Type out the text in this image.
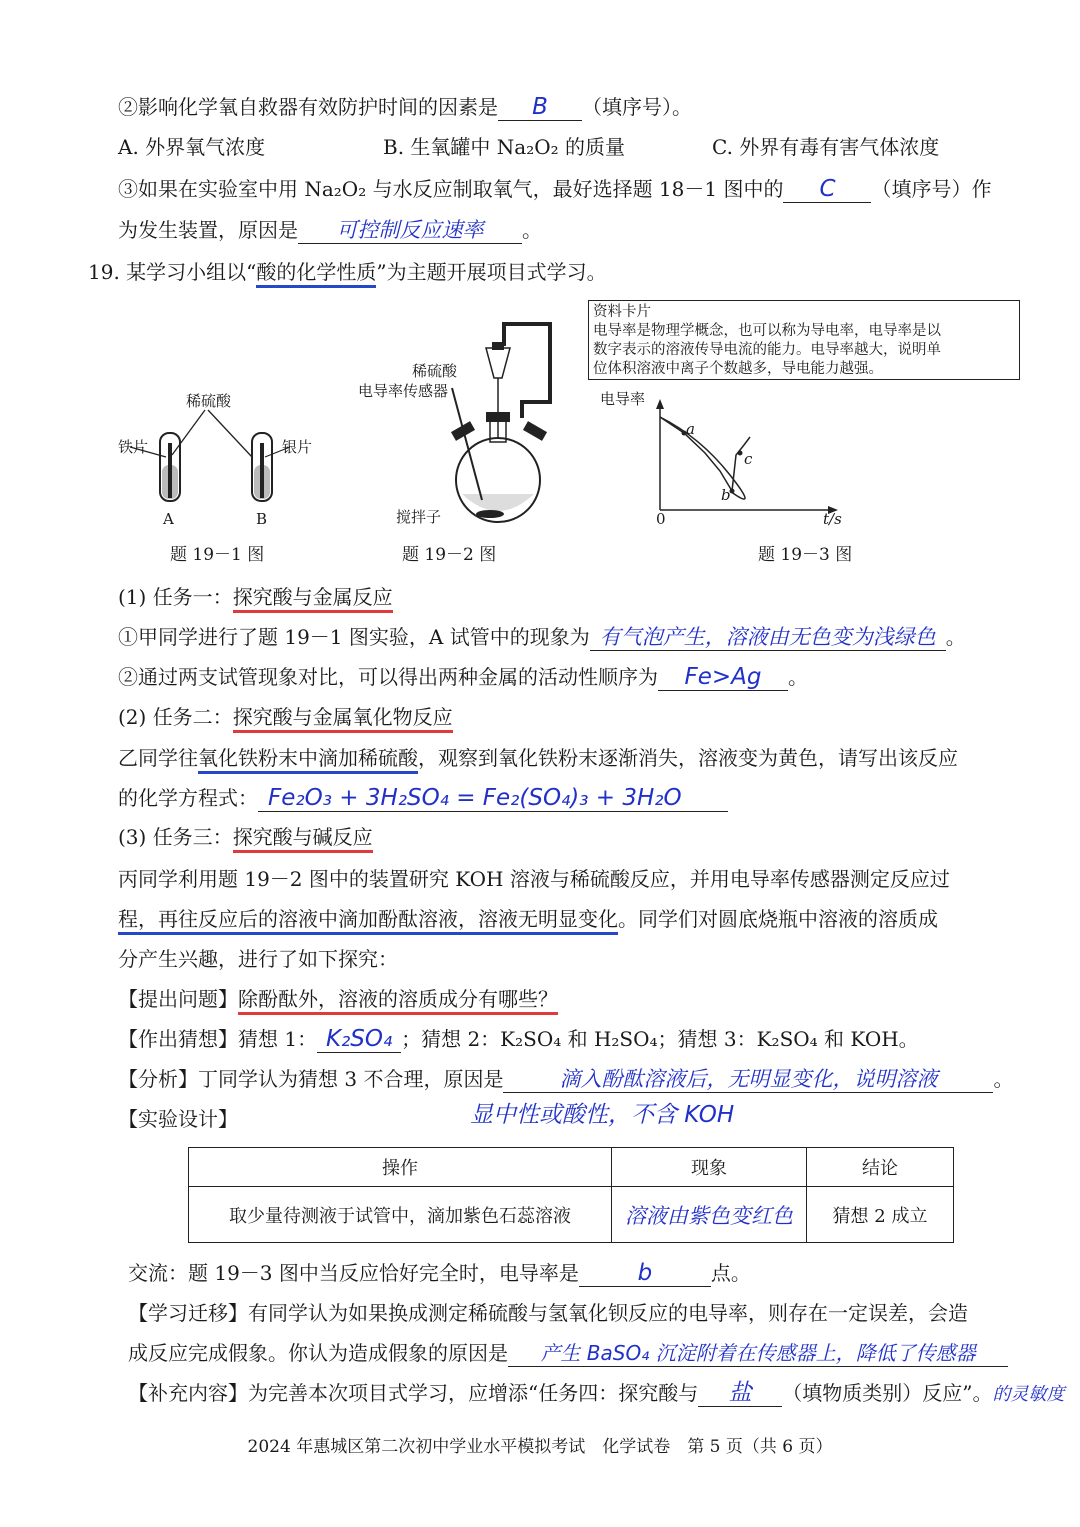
②影响化学氧自救器有效防护时间的因素是 B （填序号）。
A. 外界氧气浓度	B. 生氧罐中 Na₂O₂ 的质量	C. 外界有毒有害气体浓度
③如果在实验室中用 Na₂O₂ 与水反应制取氧气，最好选择题 18－1 图中的 C （填序号）作
为发生装置，原因是 可控制反应速率 。
19. 某学习小组以“酸的化学性质”为主题开展项目式学习。
稀硫酸
铁片	银片
A	B
题 19－1 图
稀硫酸
电导率传感器
搅拌子
题 19－2 图
资料卡片
电导率是物理学概念，也可以称为导电率，电导率是以
数字表示的溶液传导电流的能力。电导率越大，说明单
位体积溶液中离子个数越多，导电能力越强。
电导率
t/s
0
a
b
c
题 19－3 图
(1) 任务一：探究酸与金属反应
①甲同学进行了题 19－1 图实验，A 试管中的现象为 有气泡产生，溶液由无色变为浅绿色 。
②通过两支试管现象对比，可以得出两种金属的活动性顺序为 Fe>Ag 。
(2) 任务二：探究酸与金属氧化物反应
乙同学往氧化铁粉末中滴加稀硫酸，观察到氧化铁粉末逐渐消失，溶液变为黄色，请写出该反应
的化学方程式： Fe₂O₃ + 3H₂SO₄ = Fe₂(SO₄)₃ + 3H₂O
(3) 任务三：探究酸与碱反应
丙同学利用题 19－2 图中的装置研究 KOH 溶液与稀硫酸反应，并用电导率传感器测定反应过
程，再往反应后的溶液中滴加酚酞溶液，溶液无明显变化。同学们对圆底烧瓶中溶液的溶质成
分产生兴趣，进行了如下探究：
【提出问题】除酚酞外，溶液的溶质成分有哪些？
【作出猜想】猜想 1： K₂SO₄ ；猜想 2：K₂SO₄ 和 H₂SO₄；猜想 3：K₂SO₄ 和 KOH。
【分析】丁同学认为猜想 3 不合理，原因是	滴入酚酞溶液后，无明显变化，说明溶液	。
【实验设计】	显中性或酸性，不含 KOH
操作	现象	结论
取少量待测液于试管中，滴加紫色石蕊溶液	溶液由紫色变红色	猜想 2 成立
交流：题 19－3 图中当反应恰好完全时，电导率是	b	点。
【学习迁移】有同学认为如果换成测定稀硫酸与氢氧化钡反应的电导率，则存在一定误差，会造
成反应完成假象。你认为造成假象的原因是 产生 BaSO₄ 沉淀附着在传感器上，降低了传感器
【补充内容】为完善本次项目式学习，应增添“任务四：探究酸与 盐 （填物质类别）反应”。的灵敏度
2024 年惠城区第二次初中学业水平模拟考试　化学试卷　第 5 页（共 6 页）
